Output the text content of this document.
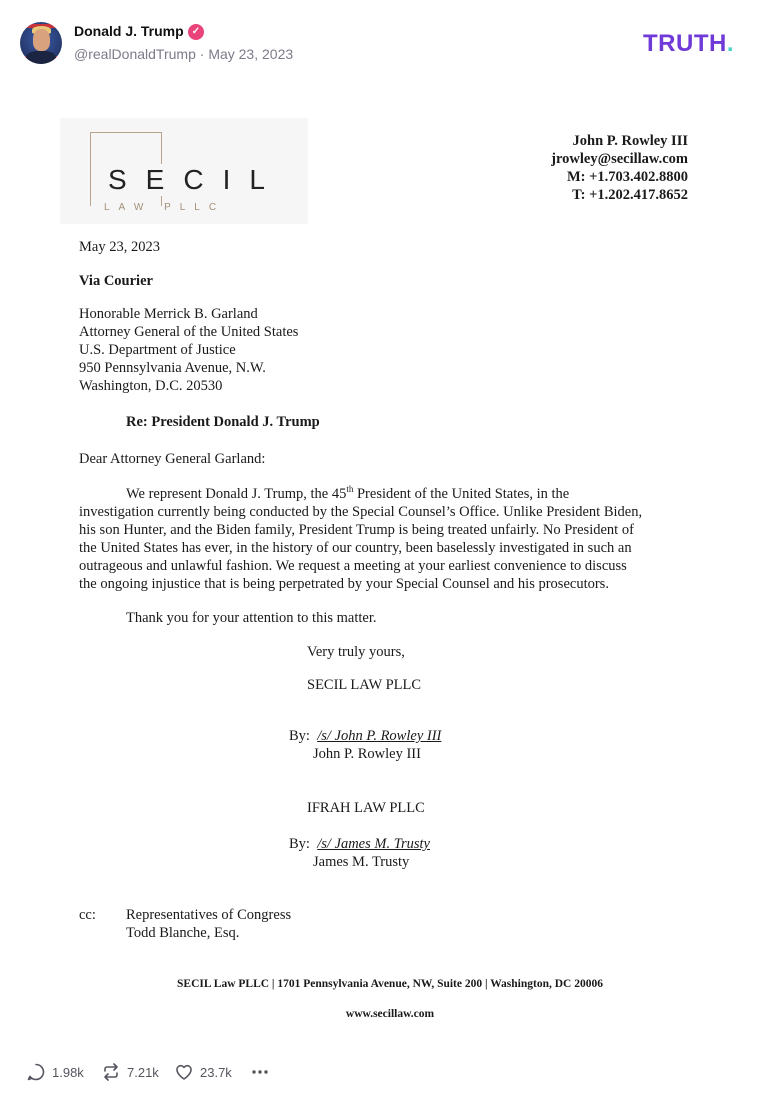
Donald J. Trump ✓
@realDonaldTrump · May 23, 2023	TRUTH.
SECIL
LAW PLLC
John P. Rowley III
jrowley@secillaw.com
M: +1.703.402.8800
T: +1.202.417.8652
May 23, 2023
Via Courier
Honorable Merrick B. Garland
Attorney General of the United States
U.S. Department of Justice
950 Pennsylvania Avenue, N.W.
Washington, D.C. 20530
Re: President Donald J. Trump
Dear Attorney General Garland:
We represent Donald J. Trump, the 45th President of the United States, in the
investigation currently being conducted by the Special Counsel’s Office. Unlike President Biden,
his son Hunter, and the Biden family, President Trump is being treated unfairly. No President of
the United States has ever, in the history of our country, been baselessly investigated in such an
outrageous and unlawful fashion. We request a meeting at your earliest convenience to discuss
the ongoing injustice that is being perpetrated by your Special Counsel and his prosecutors.
Thank you for your attention to this matter.
Very truly yours,
SECIL LAW PLLC
By: /s/ John P. Rowley III
John P. Rowley III
IFRAH LAW PLLC
By: /s/ James M. Trusty
James M. Trusty
cc: Representatives of Congress
Todd Blanche, Esq.
SECIL Law PLLC | 1701 Pennsylvania Avenue, NW, Suite 200 | Washington, DC 20006
www.secillaw.com
1.98k	7.21k	23.7k
